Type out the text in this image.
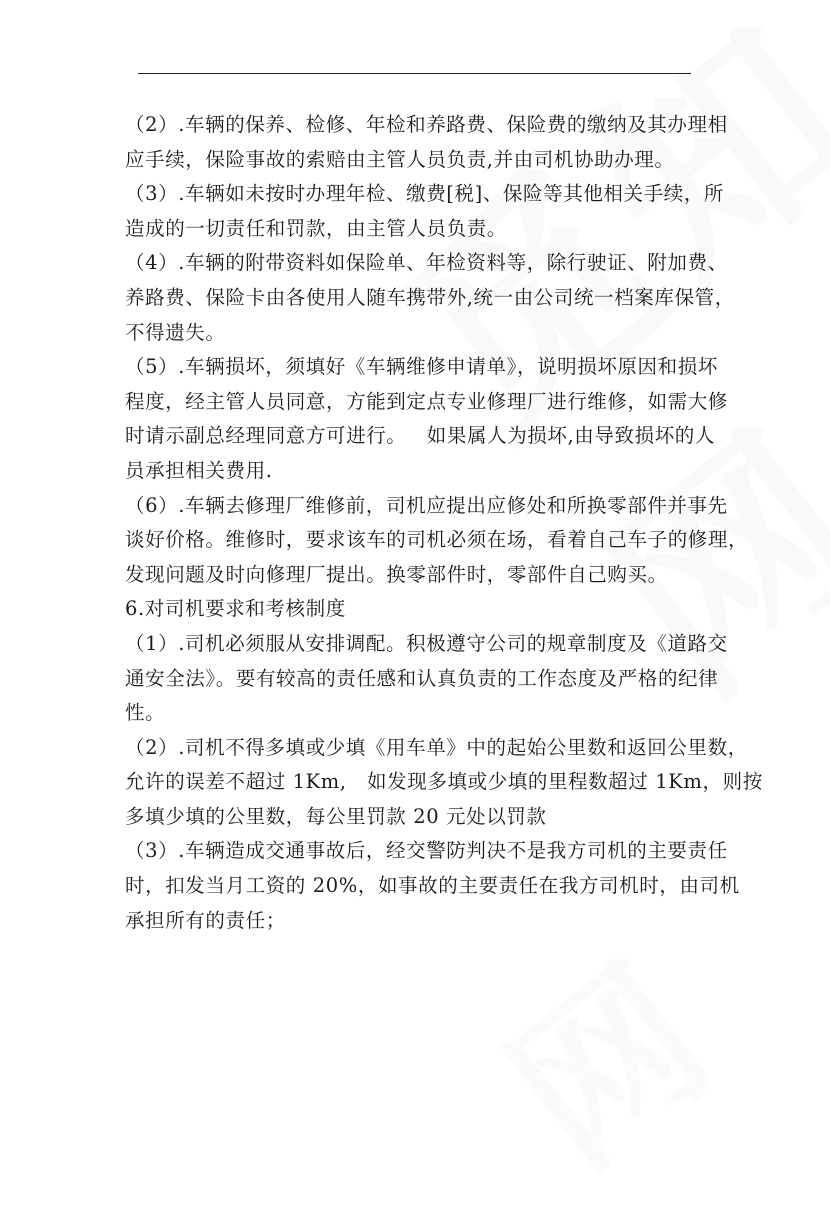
（2）.车辆的保养、检修、年检和养路费、保险费的缴纳及其办理相
应手续，保险事故的索赔由主管人员负责,并由司机协助办理。
（3）.车辆如未按时办理年检、缴费[税]、保险等其他相关手续，所
造成的一切责任和罚款，由主管人员负责。
（4）.车辆的附带资料如保险单、年检资料等，除行驶证、附加费、
养路费、保险卡由各使用人随车携带外,统一由公司统一档案库保管，
不得遗失。
（5）.车辆损坏，须填好《车辆维修申请单》，说明损坏原因和损坏
程度，经主管人员同意，方能到定点专业修理厂进行维修，如需大修
时请示副总经理同意方可进行。   如果属人为损坏,由导致损坏的人
员承担相关费用.
（6）.车辆去修理厂维修前，司机应提出应修处和所换零部件并事先
谈好价格。维修时，要求该车的司机必须在场，看着自己车子的修理，
发现问题及时向修理厂提出。换零部件时，零部件自己购买。
6.对司机要求和考核制度
（1）.司机必须服从安排调配。积极遵守公司的规章制度及《道路交
通安全法》。要有较高的责任感和认真负责的工作态度及严格的纪律
性。
（2）.司机不得多填或少填《用车单》中的起始公里数和返回公里数，
允许的误差不超过 1Km,   如发现多填或少填的里程数超过 1Km，则按
多填少填的公里数，每公里罚款 20 元处以罚款
（3）.车辆造成交通事故后，经交警防判决不是我方司机的主要责任
时，扣发当月工资的 20%，如事故的主要责任在我方司机时，由司机
承担所有的责任；
